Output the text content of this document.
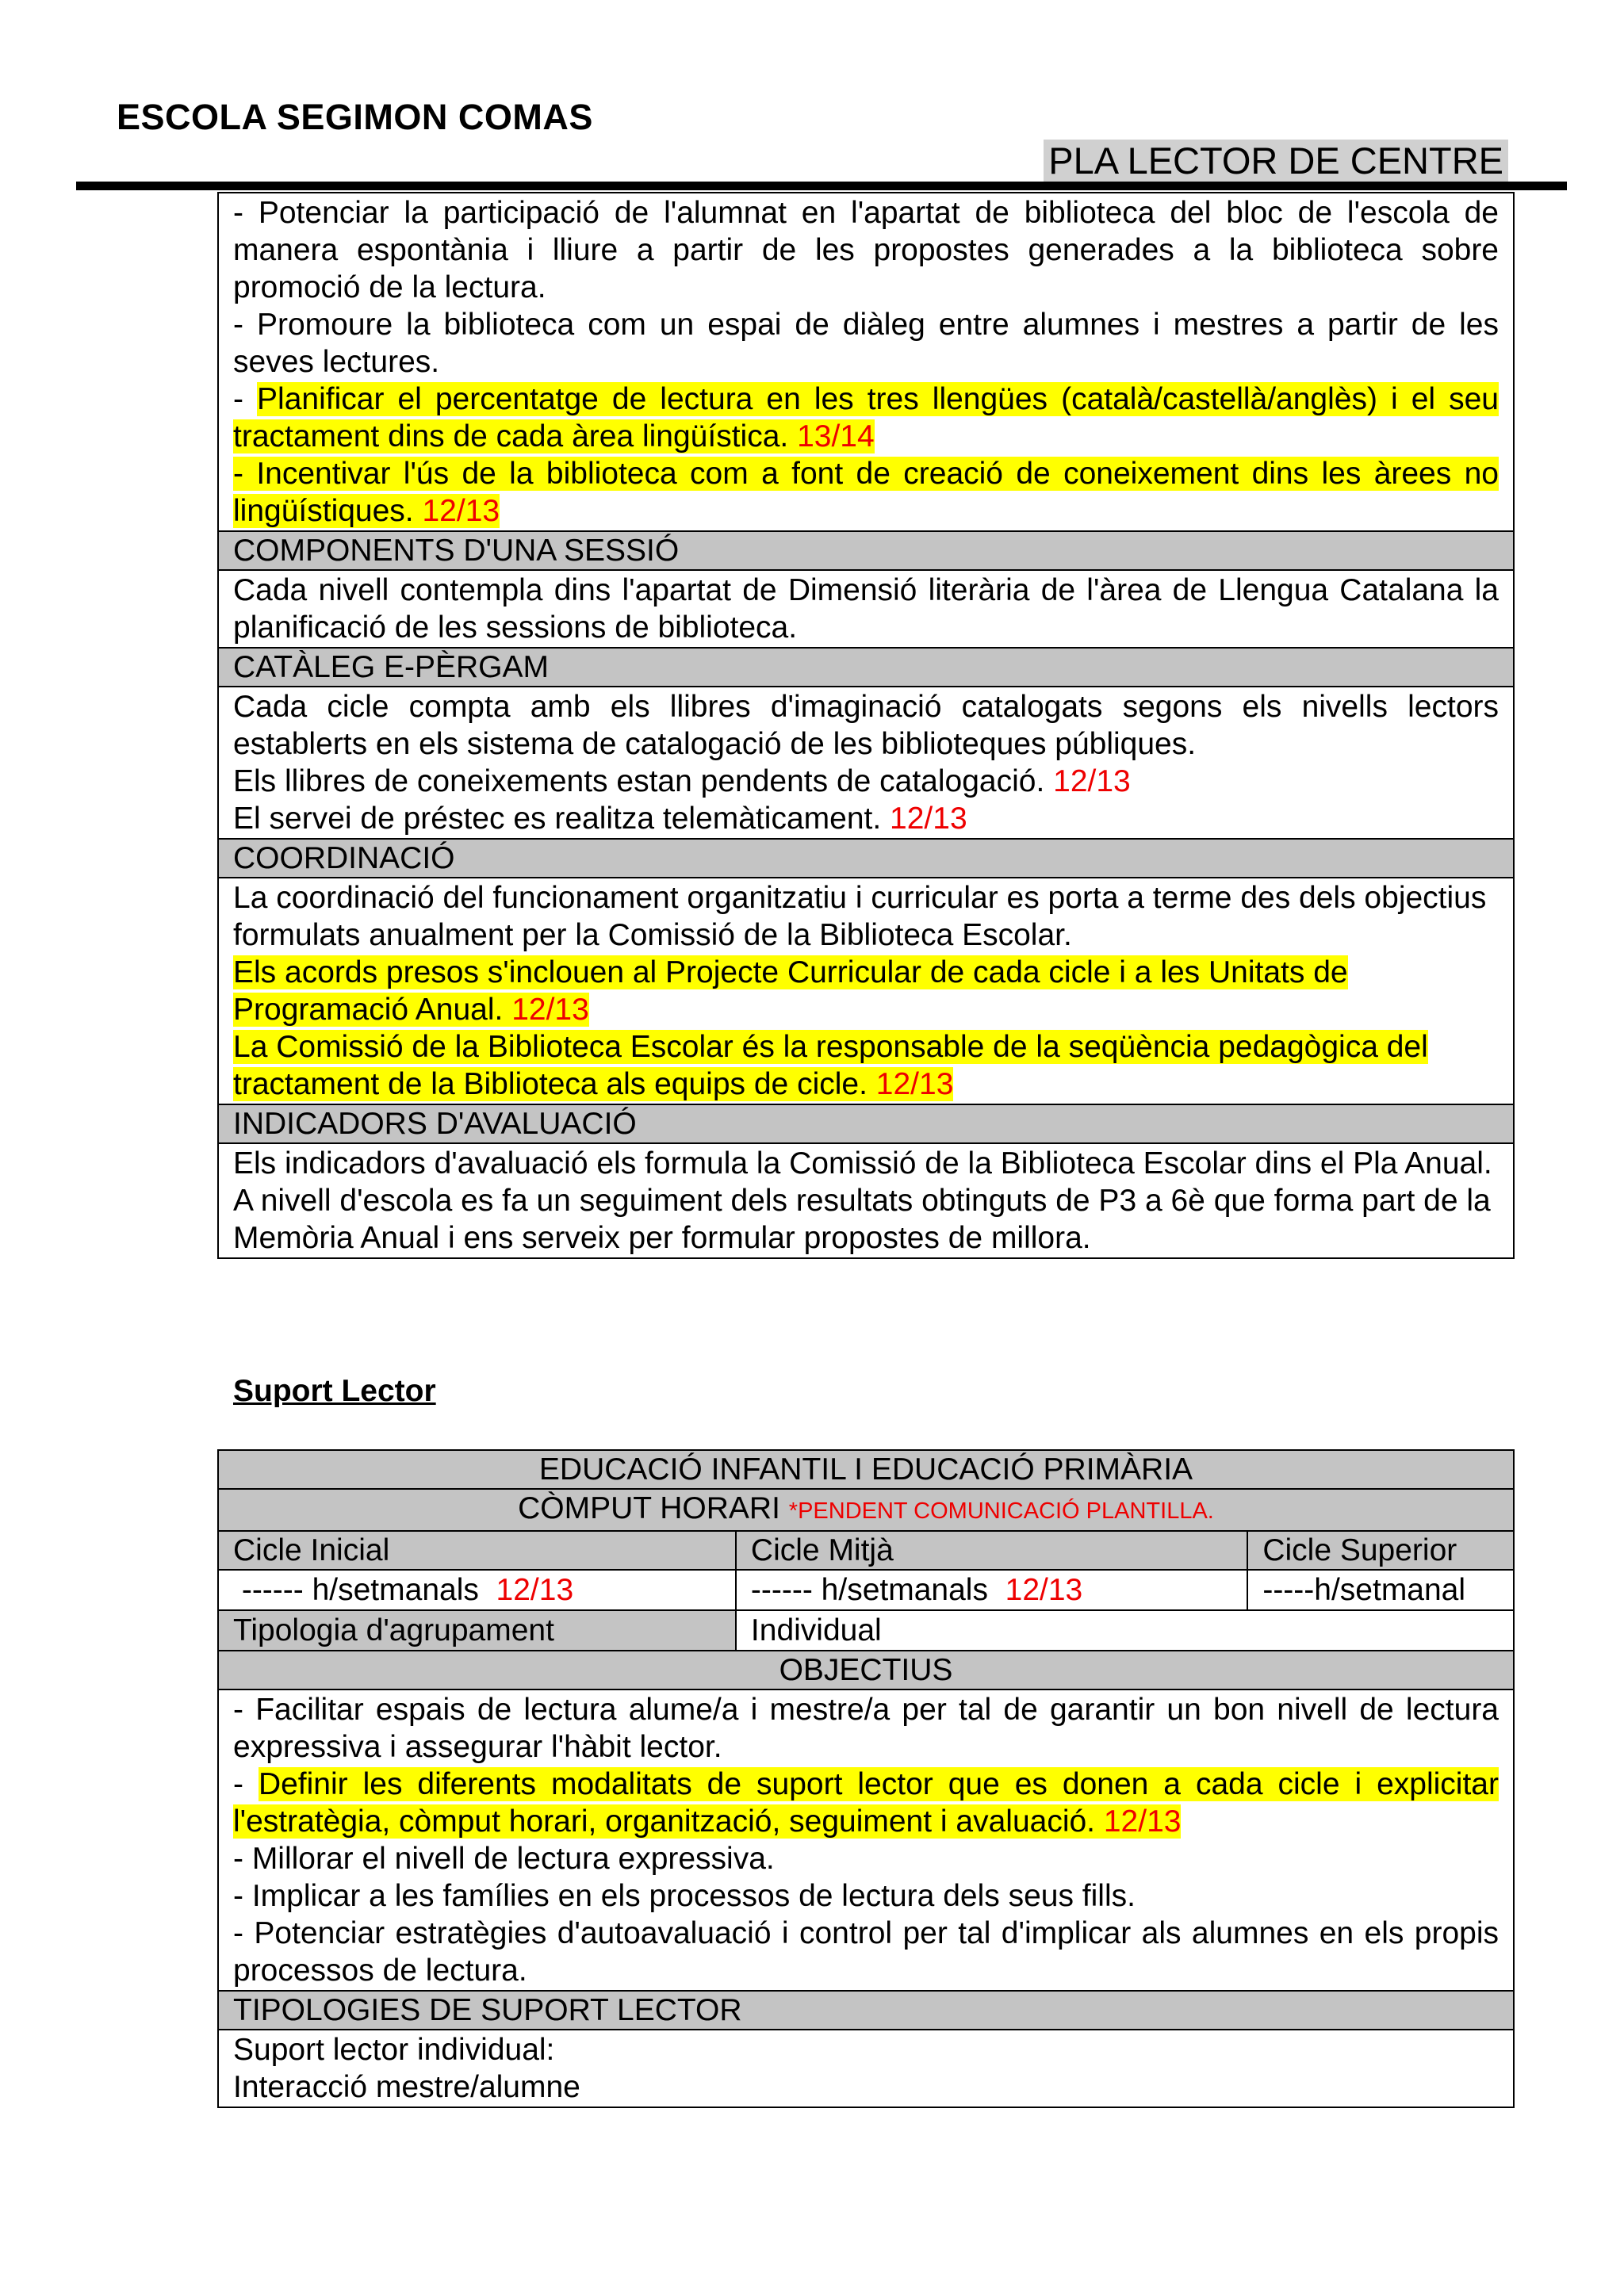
ESCOLA SEGIMON COMAS
PLA LECTOR DE CENTRE
- Potenciar la participació de l'alumnat en l'apartat de biblioteca del bloc de l'escola de manera espontània i lliure a partir de les propostes generades a la biblioteca sobre promoció de la lectura.
- Promoure la biblioteca com un espai de diàleg entre alumnes i mestres a partir de les seves lectures.
- Planificar el percentatge de lectura en les tres llengües (català/castellà/anglès) i el seu tractament dins de cada àrea lingüística. 13/14
- Incentivar l'ús de la biblioteca com a font de creació de coneixement dins les àrees no lingüístiques. 12/13

COMPONENTS D'UNA SESSIÓ
Cada nivell contempla dins l'apartat de Dimensió literària de l'àrea de Llengua Catalana la planificació de les sessions de biblioteca.
CATÀLEG E-PÈRGAM

Cada cicle compta amb els llibres d'imaginació catalogats segons els nivells lectors establerts en els sistema de catalogació de les biblioteques públiques.
Els llibres de coneixements estan pendents de catalogació. 12/13
El servei de préstec es realitza telemàticament. 12/13

COORDINACIÓ

La coordinació del funcionament organitzatiu i curricular es porta a terme des dels objectius formulats anualment per la Comissió de la Biblioteca Escolar.
Els acords presos s'inclouen al Projecte Curricular de cada cicle i a les Unitats de Programació Anual. 12/13
La Comissió de la Biblioteca Escolar és la responsable de la seqüència pedagògica del tractament de la Biblioteca als equips de cicle. 12/13

INDICADORS D'AVALUACIÓ

Els indicadors d'avaluació els formula la Comissió de la Biblioteca Escolar dins el Pla Anual.
A nivell d'escola es fa un seguiment dels resultats obtinguts de P3 a 6è que forma part de la Memòria Anual i ens serveix per formular propostes de millora.
Suport Lector
EDUCACIÓ INFANTIL I EDUCACIÓ PRIMÀRIA		
CÒMPUT HORARI *PENDENT COMUNICACIÓ PLANTILLA.		
Cicle Inicial	Cicle Mitjà	Cicle Superior
------ h/setmanals  12/13	------ h/setmanals  12/13	-----h/setmanal
Tipologia d'agrupament	Individual	
OBJECTIUS		

- Facilitar espais de lectura alume/a i mestre/a per tal de garantir un bon nivell de lectura expressiva i assegurar l'hàbit lector.
- Definir les diferents modalitats de suport lector que es donen a cada cicle i explicitar l'estratègia, còmput horari, organització, seguiment i avaluació. 12/13
- Millorar el nivell de lectura expressiva.
- Implicar a les famílies en els processos de lectura dels seus fills.
- Potenciar estratègies d'autoavaluació i control per tal d'implicar als alumnes en els propis processos de lectura.		

TIPOLOGIES DE SUPORT LECTOR		

Suport lector individual:
Interacció mestre/alumne		
